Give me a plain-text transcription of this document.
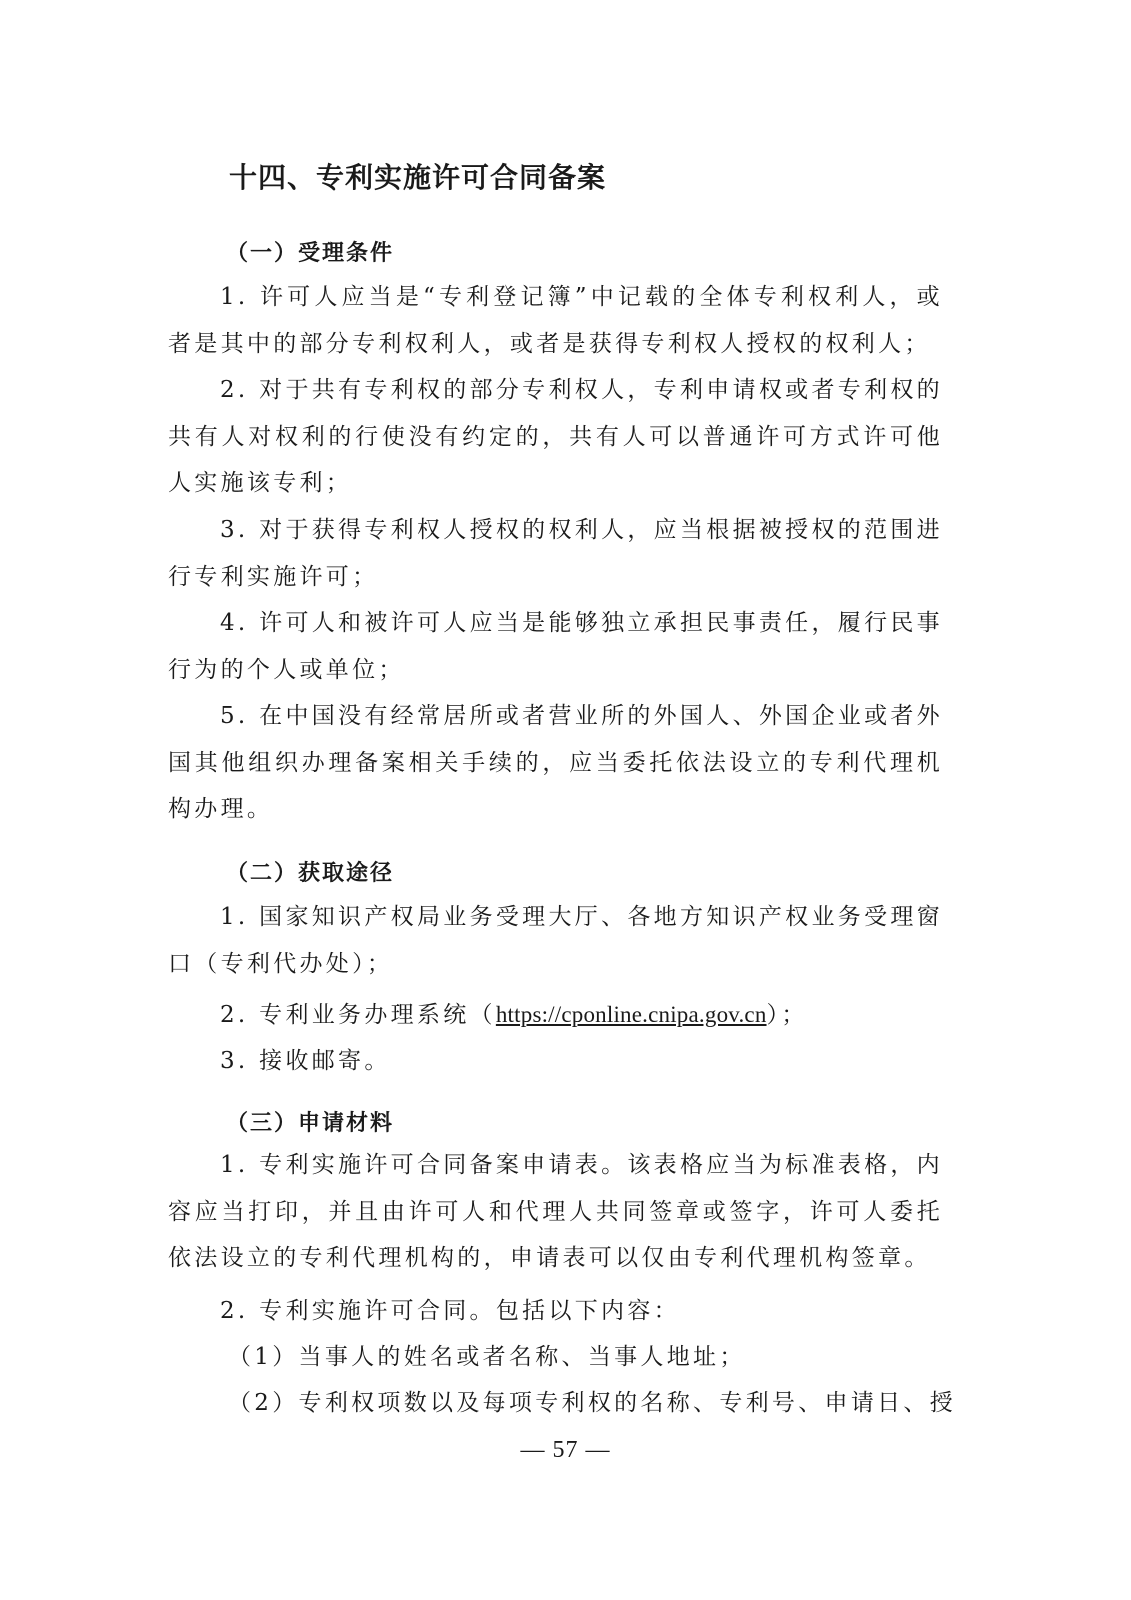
十四、专利实施许可合同备案
（一）受理条件

1. 许可人应当是“专利登记簿”中记载的全体专利权利人，或者是其中的部分专利权利人，或者是获得专利权人授权的权利人；

2. 对于共有专利权的部分专利权人，专利申请权或者专利权的共有人对权利的行使没有约定的，共有人可以普通许可方式许可他人实施该专利；

3. 对于获得专利权人授权的权利人，应当根据被授权的范围进行专利实施许可；

4. 许可人和被许可人应当是能够独立承担民事责任，履行民事行为的个人或单位；

5. 在中国没有经常居所或者营业所的外国人、外国企业或者外国其他组织办理备案相关手续的，应当委托依法设立的专利代理机构办理。

（二）获取途径

1. 国家知识产权局业务受理大厅、各地方知识产权业务受理窗口（专利代办处）；

2. 专利业务办理系统（https://cponline.cnipa.gov.cn）；

3. 接收邮寄。

（三）申请材料

1. 专利实施许可合同备案申请表。该表格应当为标准表格，内容应当打印，并且由许可人和代理人共同签章或签字，许可人委托依法设立的专利代理机构的，申请表可以仅由专利代理机构签章。

2. 专利实施许可合同。包括以下内容：

（1）当事人的姓名或者名称、当事人地址；

（2）专利权项数以及每项专利权的名称、专利号、申请日、授

— 57 —
